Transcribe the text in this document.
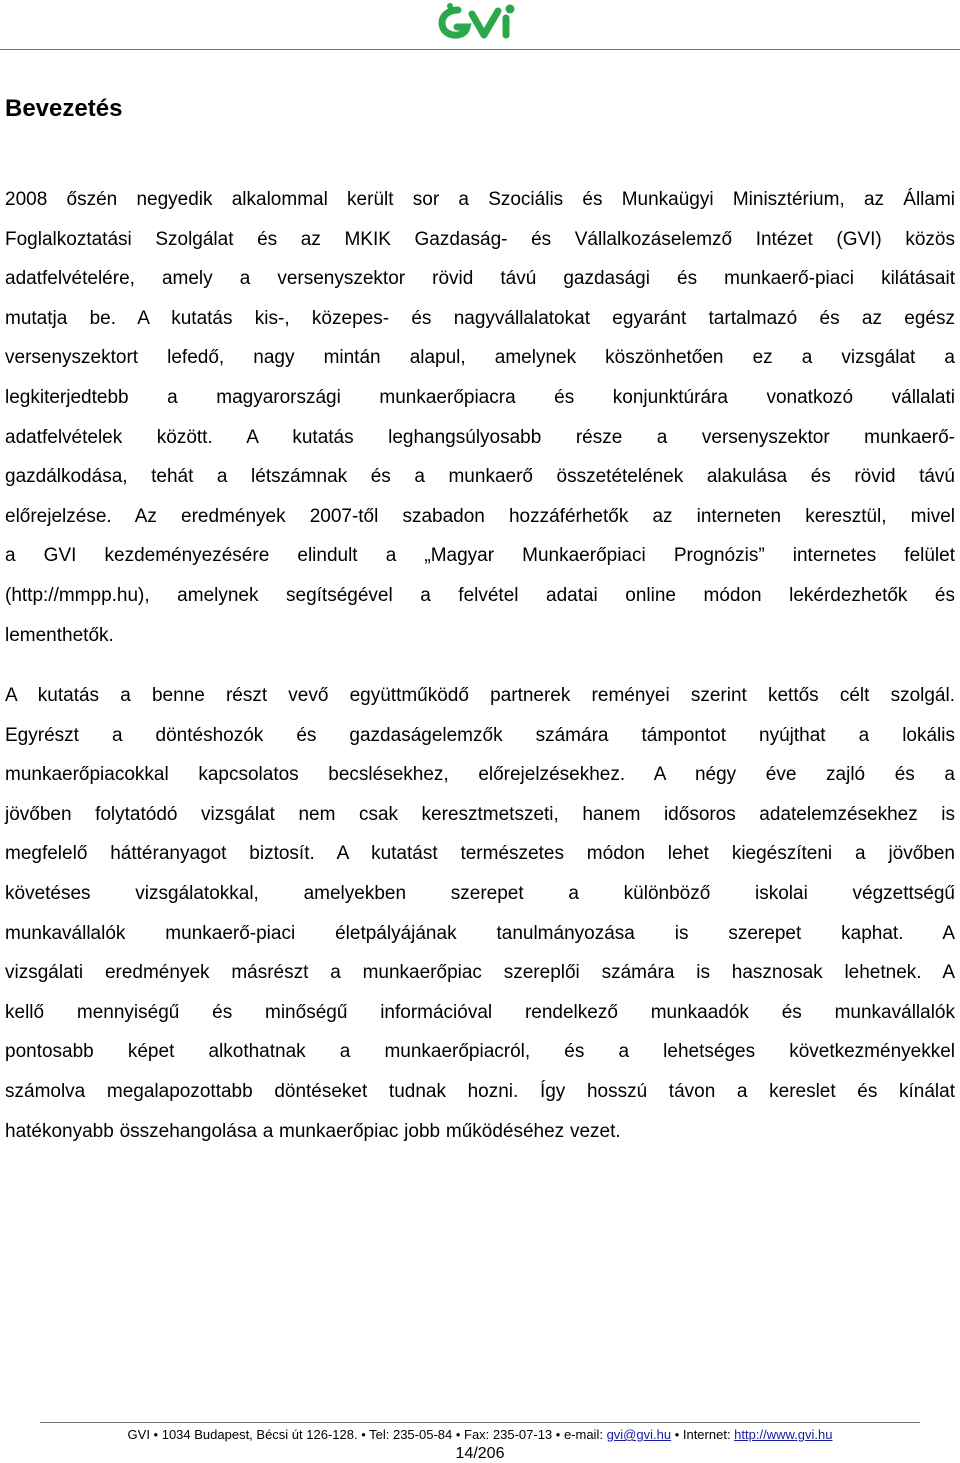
Bevezetés

2008 őszén negyedik alkalommal került sor a Szociális és Munkaügyi Minisztérium, az Állami
Foglalkoztatási Szolgálat és az MKIK Gazdaság- és Vállalkozáselemző Intézet (GVI) közös
adatfelvételére, amely a versenyszektor rövid távú gazdasági és munkaerő-piaci kilátásait
mutatja be. A kutatás kis-, közepes- és nagyvállalatokat egyaránt tartalmazó és az egész
versenyszektort lefedő, nagy mintán alapul, amelynek köszönhetően ez a vizsgálat a
legkiterjedtebb a magyarországi munkaerőpiacra és konjunktúrára vonatkozó vállalati
adatfelvételek között. A kutatás leghangsúlyosabb része a versenyszektor munkaerő-
gazdálkodása, tehát a létszámnak és a munkaerő összetételének alakulása és rövid távú
előrejelzése. Az eredmények 2007-től szabadon hozzáférhetők az interneten keresztül, mivel
a GVI kezdeményezésére elindult a „Magyar Munkaerőpiaci Prognózis” internetes felület
(http://mmpp.hu), amelynek segítségével a felvétel adatai online módon lekérdezhetők és
lementhetők.

A kutatás a benne részt vevő együttműködő partnerek reményei szerint kettős célt szolgál.
Egyrészt a döntéshozók és gazdaságelemzők számára támpontot nyújthat a lokális
munkaerőpiacokkal kapcsolatos becslésekhez, előrejelzésekhez. A négy éve zajló és a
jövőben folytatódó vizsgálat nem csak keresztmetszeti, hanem idősoros adatelemzésekhez is
megfelelő háttéranyagot biztosít. A kutatást természetes módon lehet kiegészíteni a jövőben
követéses vizsgálatokkal, amelyekben szerepet a különböző iskolai végzettségű
munkavállalók munkaerő-piaci életpályájának tanulmányozása is szerepet kaphat. A
vizsgálati eredmények másrészt a munkaerőpiac szereplői számára is hasznosak lehetnek. A
kellő mennyiségű és minőségű információval rendelkező munkaadók és munkavállalók
pontosabb képet alkothatnak a munkaerőpiacról, és a lehetséges következményekkel
számolva megalapozottabb döntéseket tudnak hozni. Így hosszú távon a kereslet és kínálat
hatékonyabb összehangolása a munkaerőpiac jobb működéséhez vezet.

GVI • 1034 Budapest, Bécsi út 126-128. • Tel: 235-05-84 • Fax: 235-07-13 • e-mail: gvi@gvi.hu • Internet: http://www.gvi.hu
14/206
